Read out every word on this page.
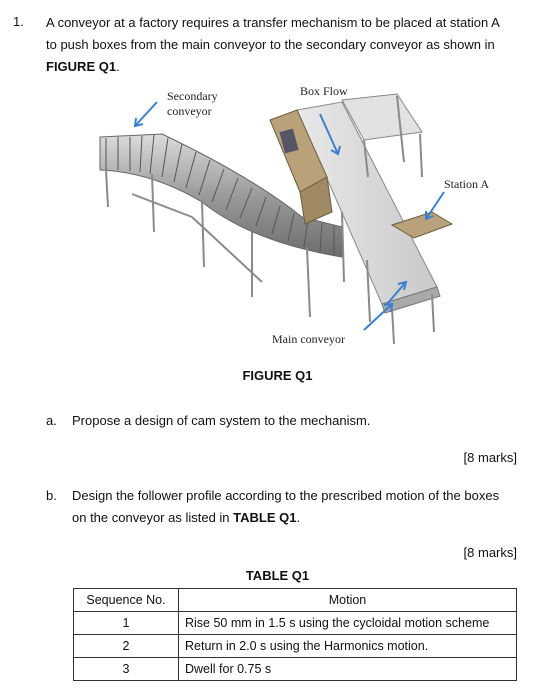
1. A conveyor at a factory requires a transfer mechanism to be placed at station A
to push boxes from the main conveyor to the secondary conveyor as shown in
FIGURE Q1.
Secondary
conveyor
Box Flow
Station A
Main conveyor
FIGURE Q1
a. Propose a design of cam system to the mechanism.
[8 marks]
b. Design the follower profile according to the prescribed motion of the boxes
on the conveyor as listed in TABLE Q1.
[8 marks]
TABLE Q1
Sequence No.	Motion
1	Rise 50 mm in 1.5 s using the cycloidal motion scheme
2	Return in 2.0 s using the Harmonics motion.
3	Dwell for 0.75 s
